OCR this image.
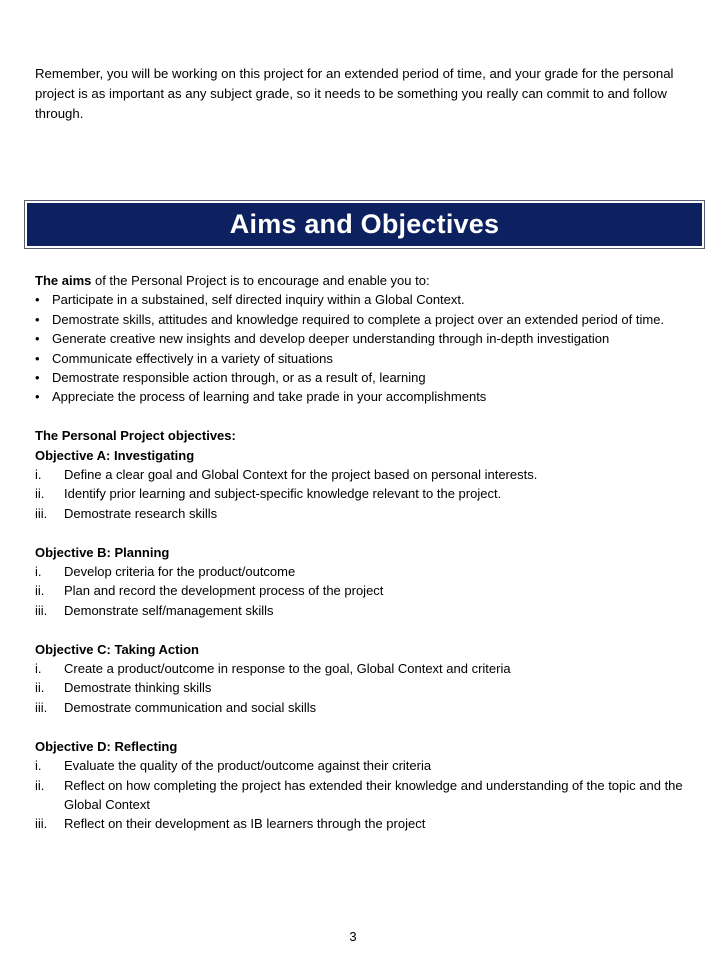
Remember, you will be working on this project for an extended period of time, and your grade for the personal project is as important as any subject grade, so it needs to be something you really can commit to and follow through.

Aims and Objectives

The aims of the Personal Project is to encourage and enable you to:

• Participate in a substained, self directed inquiry within a Global Context.
• Demostrate skills, attitudes and knowledge required to complete a project over an extended period of time.
• Generate creative new insights and develop deeper understanding through in-depth investigation
• Communicate effectively in a variety of situations
• Demostrate responsible action through, or as a result of, learning
• Appreciate the process of learning and take prade in your accomplishments

The Personal Project objectives:

Objective A: Investigating

i. Define a clear goal and Global Context for the project based on personal interests.
ii. Identify prior learning and subject-specific knowledge relevant to the project.
iii. Demostrate research skills

Objective B: Planning

i. Develop criteria for the product/outcome
ii. Plan and record the development process of the project
iii. Demonstrate self/management skills

Objective C: Taking Action

i. Create a product/outcome in response to the goal, Global Context and criteria
ii. Demostrate thinking skills
iii. Demostrate communication and social skills

Objective D: Reflecting

i. Evaluate the quality of the product/outcome against their criteria
ii. Reflect on how completing the project has extended their knowledge and understanding of the topic and the Global Context
iii. Reflect on their development as IB learners through the project
3
